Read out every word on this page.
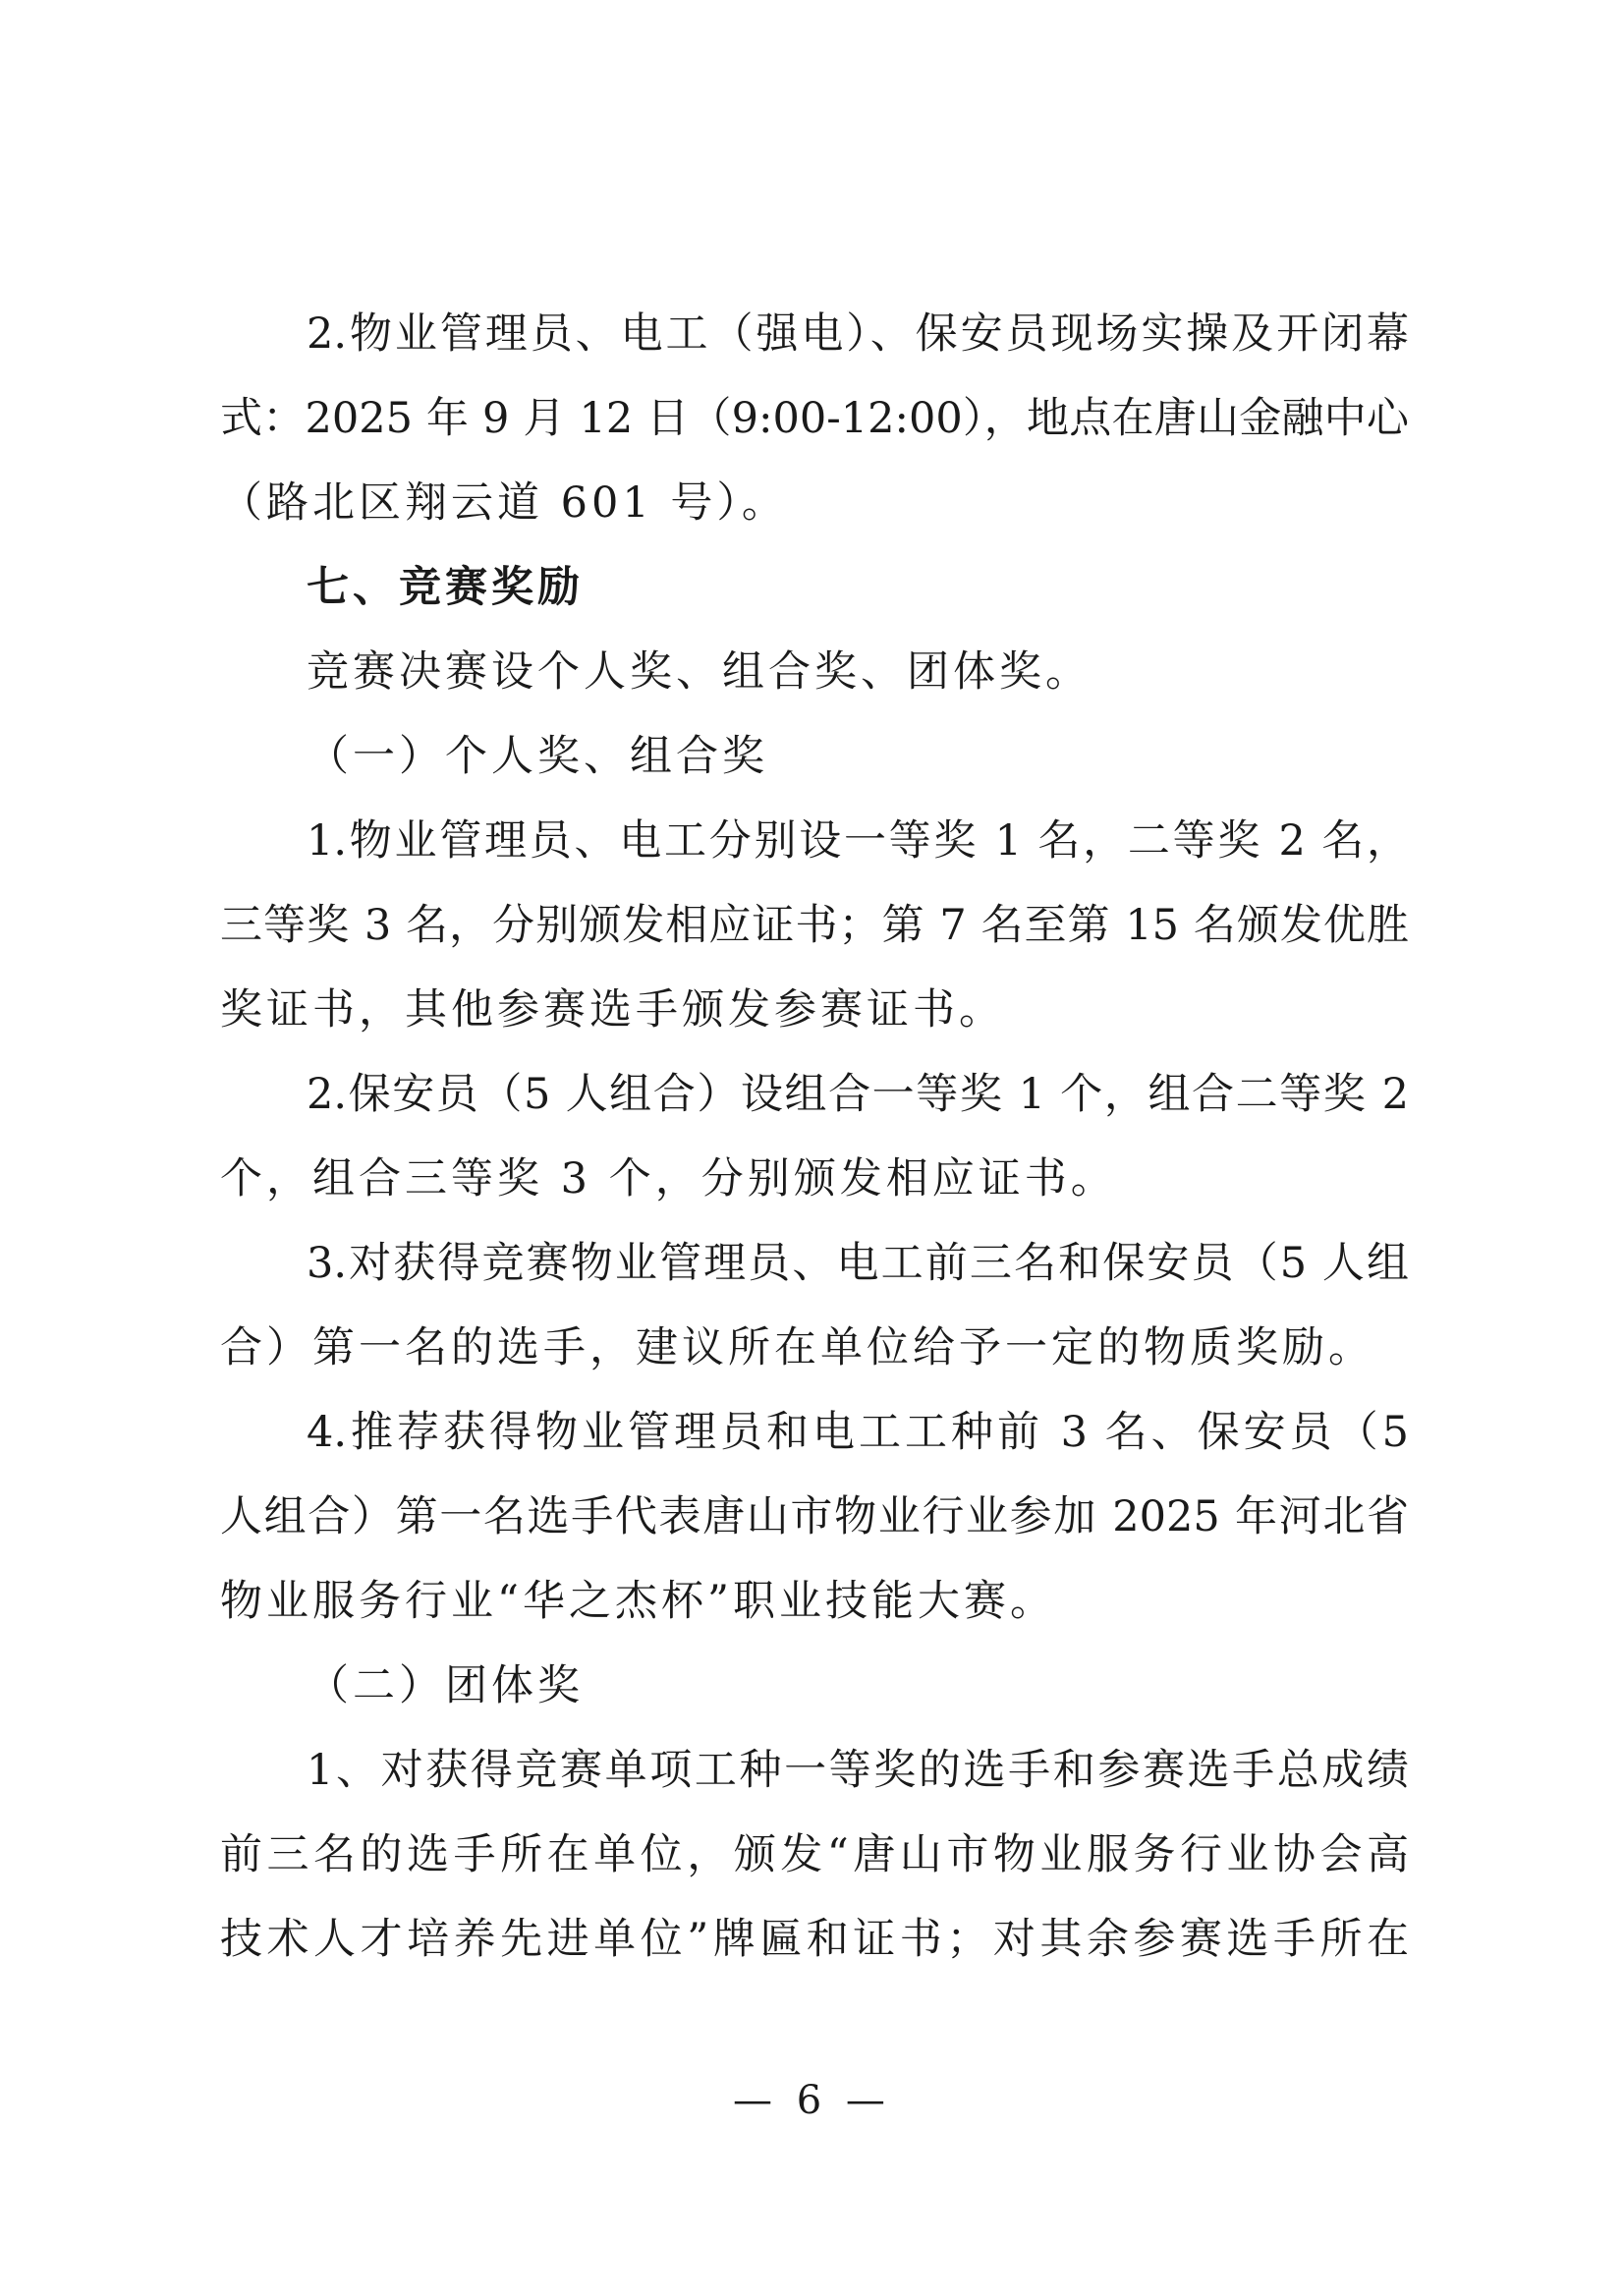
2.物业管理员、电工（强电）、保安员现场实操及开闭幕
式：2025 年 9 月 12 日（9:00-12:00），地点在唐山金融中心
（路北区翔云道 601 号）。
七、竞赛奖励
竞赛决赛设个人奖、组合奖、团体奖。
（一）个人奖、组合奖
1.物业管理员、电工分别设一等奖 1 名，二等奖 2 名，
三等奖 3 名，分别颁发相应证书；第 7 名至第 15 名颁发优胜
奖证书，其他参赛选手颁发参赛证书。
2.保安员（5 人组合）设组合一等奖 1 个，组合二等奖 2
个，组合三等奖 3 个，分别颁发相应证书。
3.对获得竞赛物业管理员、电工前三名和保安员（5 人组
合）第一名的选手，建议所在单位给予一定的物质奖励。
4.推荐获得物业管理员和电工工种前 3 名、保安员（5
人组合）第一名选手代表唐山市物业行业参加 2025 年河北省
物业服务行业“华之杰杯”职业技能大赛。
（二）团体奖
1、对获得竞赛单项工种一等奖的选手和参赛选手总成绩
前三名的选手所在单位，颁发“唐山市物业服务行业协会高
技术人才培养先进单位”牌匾和证书；对其余参赛选手所在
— 6 —
